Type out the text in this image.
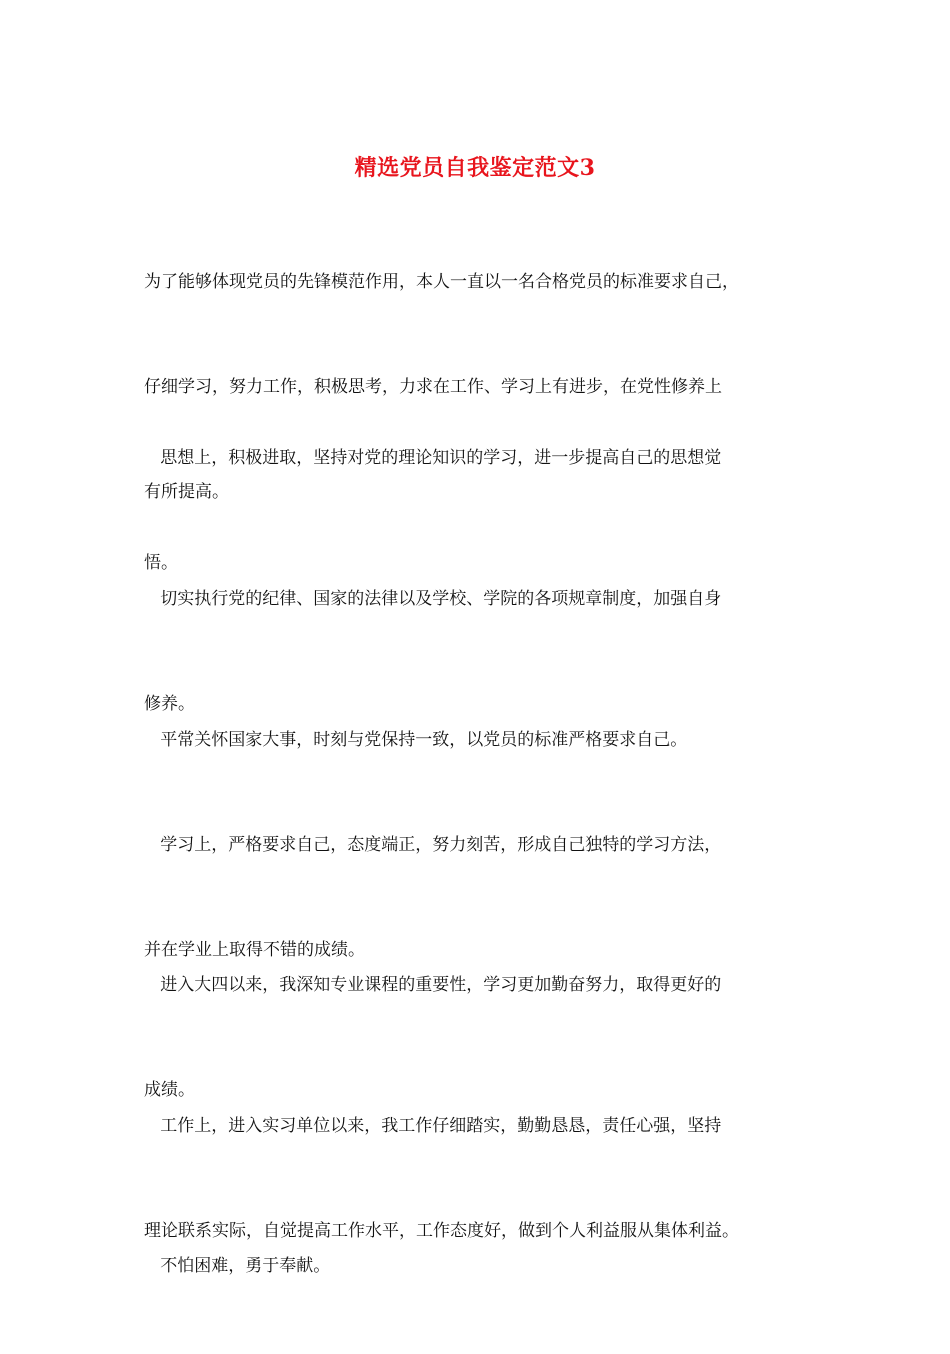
精选党员自我鉴定范文3

为了能够体现党员的先锋模范作用，本人一直以一名合格党员的标准要求自己，

仔细学习，努力工作，积极思考，力求在工作、学习上有进步，在党性修养上

有所提高。

思想上，积极进取，坚持对党的理论知识的学习，进一步提高自己的思想觉

悟。

切实执行党的纪律、国家的法律以及学校、学院的各项规章制度，加强自身

修养。

平常关怀国家大事，时刻与党保持一致，以党员的标准严格要求自己。

学习上，严格要求自己，态度端正，努力刻苦，形成自己独特的学习方法，

并在学业上取得不错的成绩。

进入大四以来，我深知专业课程的重要性，学习更加勤奋努力，取得更好的

成绩。

工作上，进入实习单位以来，我工作仔细踏实，勤勤恳恳，责任心强，坚持

理论联系实际，自觉提高工作水平，工作态度好，做到个人利益服从集体利益。

不怕困难，勇于奉献。
